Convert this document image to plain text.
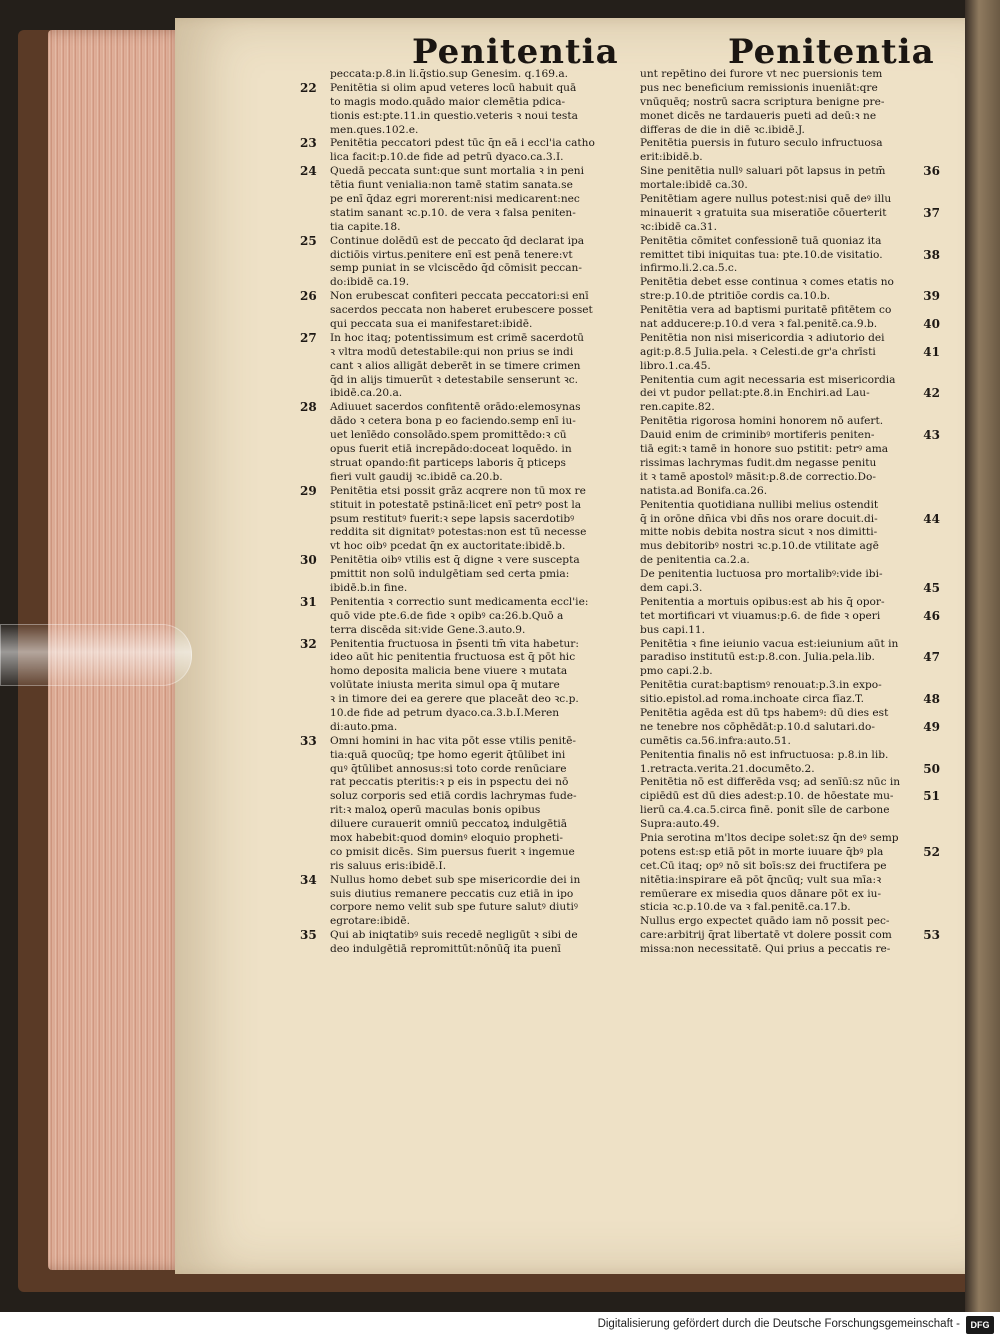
Penitentia	Penitentia
peccata:p.8.in li.q̄stio.sup Genesim. q.169.a.
22 Penitētia si olim apud veteres locū habuit quā
to magis modo.quādo maior clemētia pdica-
tionis est:pte.11.in questio.veteris ꝛ noui testa
men.ques.102.e.
23 Penitētia peccatori pdest tūc q̄n eā i eccl'ia catho
lica facit:p.10.de fide ad petrū dyaco.ca.3.I.
24 Quedā peccata sunt:que sunt mortalia ꝛ in peni
tētia fiunt venialia:non tamē statim sanata.se
pe enī q̄daz egri morerent̄:nisi medicarent̄:nec
statim sanant̄ ꝛc.p.10. de vera ꝛ falsa peniten-
tia capite.18.
25 Continue dolēdū est de peccato q̄d declarat ipa
dictiōis virtus.penitere enī est penā tenere:vt
semp puniat in se vlciscēdo q̄d cōmisit peccan-
do:ibidē ca.19.
26 Non erubescat confiteri peccata peccatori:si enī
sacerdos peccata non haberet erubescere posset
qui peccata sua ei manifestaret:ibidē.
27 In hoc itaq; potentissimum est crimē sacerdotū
ꝛ vltra modū detestabile:qui non prius se indi
cant ꝛ alios alligāt deberēt in se timere crimen
q̄d in alijs timuerūt ꝛ detestabile senserunt ꝛc.
ibidē.ca.20.a.
28 Adiuuet sacerdos confitentē orādo:elemosynas
dādo ꝛ cetera bona p eo faciendo.semp enī iu-
uet lenīēdo consolādo.spem promittēdo:ꝛ cū
opus fuerit etiā increpādo:doceat loquēdo. in
struat opando:fit particeps laboris q̄ pticeps
fieri vult gaudij ꝛc.ibidē ca.20.b.
29 Penitētia etsi possit grāz acqrere non tū mox re
stituit in potestatē pstinā:licet enī petrꝰ post la
psum restitutꝰ fuerit:ꝛ sepe lapsis sacerdotibꝰ
reddita sit dignitatꝰ potestas:non est tū necesse
vt hoc oibꝰ pcedat q̄n ex auctoritate:ibidē.b.
30 Penitētia oibꝰ vtilis est q̄ digne ꝛ vere suscepta
pmittit non solū indulgētiam sed certa pmia:
ibidē.b.in fine.
31 Penitentia ꝛ correctio sunt medicamenta eccl'ie:
quō vide pte.6.de fide ꝛ opibꝰ ca:26.b.Quō a
terra discēda sit:vide Gene.3.auto.9.
32 Penitentia fructuosa in p̄senti tm̄ vita habetur:
ideo aūt hic penitentia fructuosa est q̄ pōt hic
homo deposita malicia bene viuere ꝛ mutata
volūtate iniusta merita simul opa q̄ mutare
ꝛ in timore dei ea gerere que placeāt deo ꝛc.p.
10.de fide ad petrum dyaco.ca.3.b.I.Meren
di:auto.pma.
33 Omni homini in hac vita pōt esse vtilis penitē-
tia:quā quocūq; tpe homo egerit q̄tūlibet ini
quꝰ q̄tūlibet annosus:si toto corde renūciare
rat peccatis pteritis:ꝛ p eis in pspectu dei nō
soluz corporis sed etiā cordis lachrymas fude-
rit:ꝛ maloꝝ operū maculas bonis opibus
diluere curauerit omniū peccatoꝝ indulgētiā
mox habebit:quod dominꝰ eloquio propheti-
co pmisit dicēs. Sim puersus fuerit ꝛ ingemue
ris saluus eris:ibidē.I.
34 Nullus homo debet sub spe misericordie dei in
suis diutius remanere peccatis cuz etiā in ipo
corpore nemo velit sub spe future salutꝰ diutiꝰ
egrotare:ibidē.
35 Qui ab iniqtatibꝰ suis recedē negligūt ꝛ sibi de
deo indulgētiā repromittūt:nōnūq̄ ita puenī
unt repētino dei furore vt nec puersionis tem
pus nec beneficium remissionis inueniāt:qre
vnūquēq; nostrū sacra scriptura benigne pre-
monet dicēs ne tardaueris pueti ad deū:ꝛ ne
differas de die in diē ꝛc.ibidē.J.
Penitētia puersis in futuro seculo infructuosa
erit:ibidē.b.
36
Sine penitētia nullꝰ saluari pōt lapsus in petm̄
mortale:ibidē ca.30.
Penitētiam agere nullus potest:nisi quē deꝰ illu
37
minauerit ꝛ gratuita sua miseratiōe cōuerterit
ꝛc:ibidē ca.31.
Penitētia cōmitet confessionē tuā quoniaz ita
38
remittet tibi iniquitas tua: pte.10.de visitatio.
infirmo.li.2.ca.5.c.
Penitētia debet esse continua ꝛ comes etatis no
39
stre:p.10.de ptritiōe cordis ca.10.b.
Penitētia vera ad baptismi puritatē pfitētem co
40
nat adducere:p.10.d vera ꝛ fal.penitē.ca.9.b.
Penitētia non nisi misericordia ꝛ adiutorio dei
41
agit:p.8.5 Julia.pela. ꝛ Celesti.de gr'a chrīsti
libro.1.ca.45.
Penitentia cum agit necessaria est misericordia
42
dei vt pudor pellat:pte.8.in Enchiri.ad Lau-
ren.capite.82.
Penitētia rigorosa homini honorem nō aufert.
43
Dauid enim de criminibꝰ mortiferis peniten-
tiā egit:ꝛ tamē in honore suo pstitit: petrꝰ ama
rissimas lachrymas fudit.dm negasse penitu
it ꝛ tamē apostolꝰ māsit:p.8.de correctio.Do-
natista.ad Bonifa.ca.26.
Penitentia quotidiana nullibi melius ostendit
44
q̄ in orōne dn̄ica vbi dn̄s nos orare docuit.di-
mitte nobis debita nostra sicut ꝛ nos dimitti-
mus debitoribꝰ nostri ꝛc.p.10.de vtilitate agē
de penitentia ca.2.a.
De penitentia luctuosa pro mortalibꝰ:vide ibi-
45
dem capi.3.
Penitentia a mortuis opibus:est ab his q̄ opor-
46
tet mortificari vt viuamus:p.6. de fide ꝛ operi
bus capi.11.
Penitētia ꝛ fine ieiunio vacua est:ieiunium aūt in
47
paradiso institutū est:p.8.con. Julia.pela.lib.
pmo capi.2.b.
Penitētia curat:baptismꝰ renouat:p.3.in expo-
48
sitio.epistol.ad roma.inchoate circa fīaz.T.
Penitētia agēda est dū tps habemꝰ: dū dies est
49
ne tenebre nos cōphēdāt:p.10.d salutari.do-
cumētis ca.56.infra:auto.51.
Penitentia finalis nō est infructuosa: p.8.in lib.
50
1.retracta.verita.21.documēto.2.
Penitētia nō est differēda vsq; ad senīū:sz nūc in
51
cipiēdū est dū dies adest:p.10. de hōestate mu-
lierū ca.4.ca.5.circa finē. ponit sīle de carbone
Supra:auto.49.
Pnia serotina m'ltos decipe solet:sz q̄n deꝰ semp
52
potens est:sp etiā pōt in morte iuuare q̄bꝰ pla
cet.Cū itaq; opꝰ nō sit boīs:sz dei fructifera pe
nitētia:inspirare eā pōt q̄ncūq; vult sua mīa:ꝛ
remūerare ex misedia quos dānare pōt ex iu-
sticia ꝛc.p.10.de va ꝛ fal.penitē.ca.17.b.
Nullus ergo expectet quādo iam nō possit pec-
53
care:arbitrij q̄rat libertatē vt dolere possit com
missa:non necessitatē. Qui prius a peccatis re-
Digitalisierung gefördert durch die Deutsche Forschungsgemeinschaft -	DFG
